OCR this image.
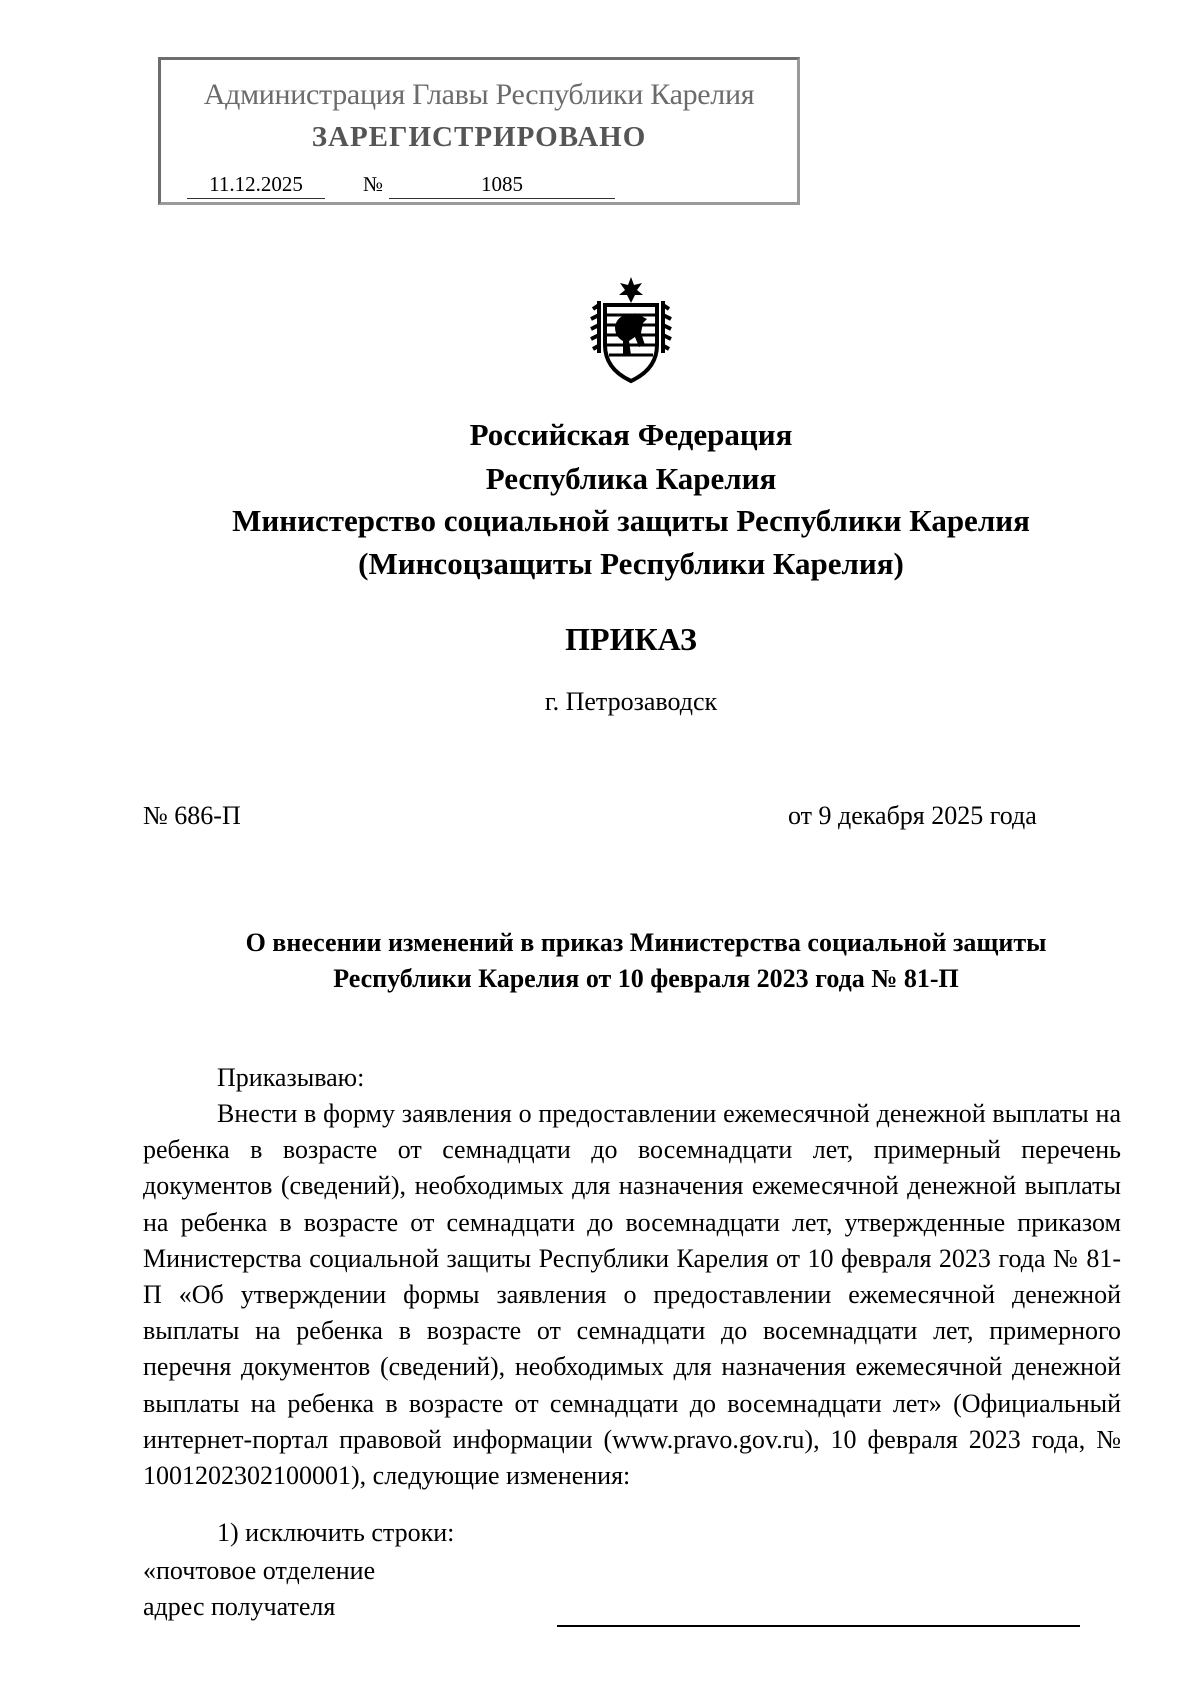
Администрация Главы Республики Карелия
ЗАРЕГИСТРИРОВАНО
11.12.2025	№	1085
Российская Федерация
Республика Карелия
Министерство социальной защиты Республики Карелия
(Минсоцзащиты Республики Карелия)
ПРИКАЗ
г. Петрозаводск
№ 686-П	от 9 декабря 2025 года
О внесении изменений в приказ Министерства социальной защиты
Республики Карелия от 10 февраля 2023 года № 81-П
Приказываю:
Внести в форму заявления о предоставлении ежемесячной денежной выплаты на ребенка в возрасте от семнадцати до восемнадцати лет, примерный перечень документов (сведений), необходимых для назначения ежемесячной денежной выплаты на ребенка в возрасте от семнадцати до восемнадцати лет, утвержденные приказом Министерства социальной защиты Республики Карелия от 10 февраля 2023 года № 81-П «Об утверждении формы заявления о предоставлении ежемесячной денежной выплаты на ребенка в возрасте от семнадцати до восемнадцати лет, примерного перечня документов (сведений), необходимых для назначения ежемесячной денежной выплаты на ребенка в возрасте от семнадцати до восемнадцати лет» (Официальный интернет-портал правовой информации (www.pravo.gov.ru), 10 февраля 2023 года, № 1001202302100001), следующие изменения:
1) исключить строки:
«почтовое отделение
адрес получателя
